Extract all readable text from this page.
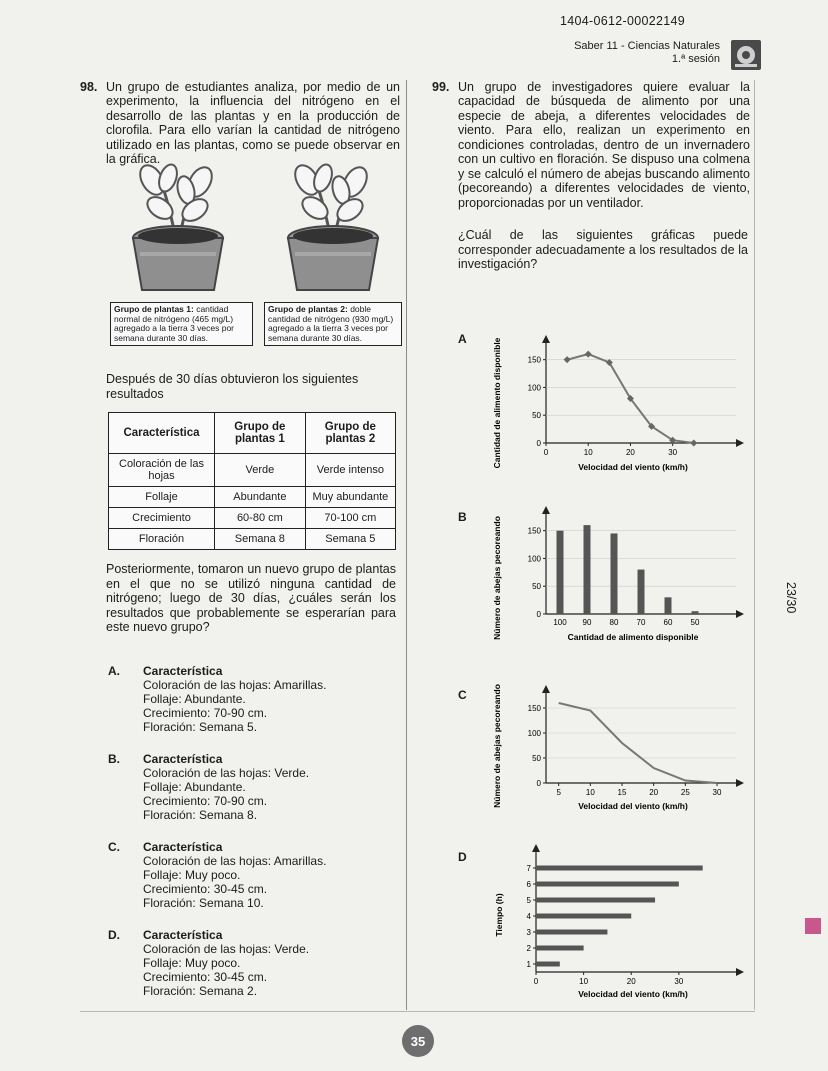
1404-0612-00022149
Saber 11 - Ciencias Naturales
1.ª sesión
98. Un grupo de estudiantes analiza, por medio de un experimento, la influencia del nitrógeno en el desarrollo de las plantas y en la producción de clorofila. Para ello varían la cantidad de nitrógeno utilizado en las plantas, como se puede observar en la gráfica.
Grupo de plantas 1: cantidad normal de nitrógeno (465 mg/L) agregado a la tierra 3 veces por semana durante 30 días.
Grupo de plantas 2: doble cantidad de nitrógeno (930 mg/L) agregado a la tierra 3 veces por semana durante 30 días.
Después de 30 días obtuvieron los siguientes resultados
Característica	Grupo de plantas 1	Grupo de plantas 2
Coloración de las hojas	Verde	Verde intenso
Follaje	Abundante	Muy abundante
Crecimiento	60-80 cm	70-100 cm
Floración	Semana 8	Semana 5
Posteriormente, tomaron un nuevo grupo de plantas en el que no se utilizó ninguna cantidad de nitrógeno; luego de 30 días, ¿cuáles serán los resultados que probablemente se esperarían para este nuevo grupo?
A. Característica
Coloración de las hojas: Amarillas.
Follaje: Abundante.
Crecimiento: 70-90 cm.
Floración: Semana 5.
B. Característica
Coloración de las hojas: Verde.
Follaje: Abundante.
Crecimiento: 70-90 cm.
Floración: Semana 8.
C. Característica
Coloración de las hojas: Amarillas.
Follaje: Muy poco.
Crecimiento: 30-45 cm.
Floración: Semana 10.
D. Característica
Coloración de las hojas: Verde.
Follaje: Muy poco.
Crecimiento: 30-45 cm.
Floración: Semana 2.
99. Un grupo de investigadores quiere evaluar la capacidad de búsqueda de alimento por una especie de abeja, a diferentes velocidades de viento. Para ello, realizan un experimento en condiciones controladas, dentro de un invernadero con un cultivo en floración. Se dispuso una colmena y se calculó el número de abejas buscando alimento (pecoreando) a diferentes velocidades de viento, proporcionadas por un ventilador.
¿Cuál de las siguientes gráficas puede corresponder adecuadamente a los resultados de la investigación?
A
B
C
D
0
50
100
150
0	10	20	30
Cantidad de alimento disponible	Velocidad del viento (km/h)
0
50
100
150
100 90 80 70 60 50
Número de abejas pecoreando	Cantidad de alimento disponible
0
50
100
150
5	10	15	20	25	30
Número de abejas pecoreando	Velocidad del viento (km/h)
0	10	20	30
1
2
3
4
5
6
7
Tiempo (h)
Velocidad del viento (km/h)
35
23/30
